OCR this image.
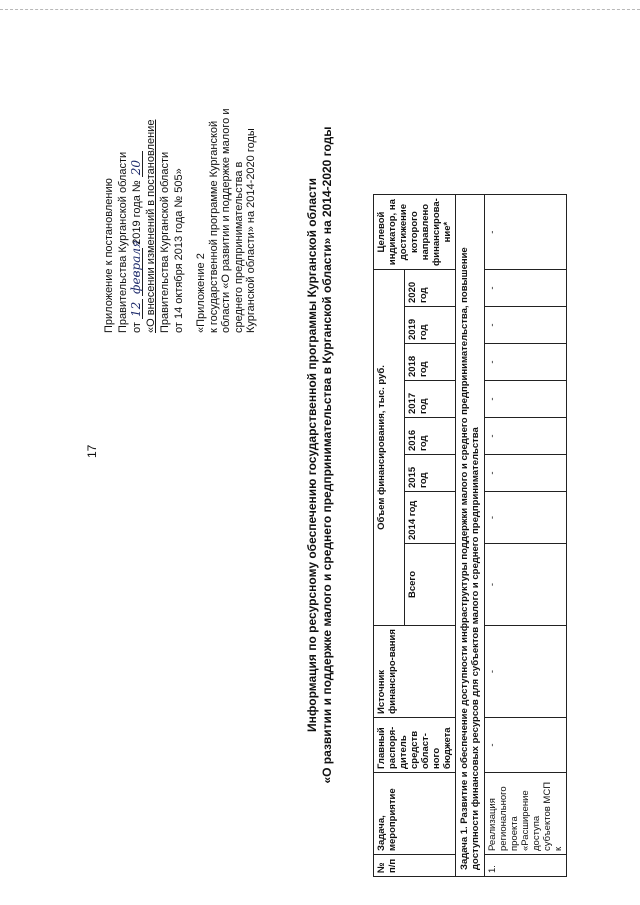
17
Приложение к постановлению Правительства Курганской области от 12 февраля 2019 года № 20 «О внесении изменений в постановление Правительства Курганской области от 14 октября 2013 года № 505» «Приложение 2 к государственной программе Курганской области «О развитии и поддержке малого и среднего предпринимательства в Курганской области» на 2014-2020 годы	Информация по ресурсному обеспечению государственной программы Курганской области «О развитии и поддержке малого и среднего предпринимательства в Курганской области» на 2014-2020 годы
№ п/п	Задача, мероприятие	Главный распоря-дитель средств област-ного бюджета	Источник финансиро-вания	Объем финансирования, тыс. руб.								Целевой индикатор, на достижение которого направлено финансирова-ние*
				Всего	2014 год	2015 год	2016 год	2017 год	2018 год	2019 год	2020 год	
Задача 1. Развитие и обеспечение доступности инфраструктуры поддержки малого и среднего предпринимательства, повышение доступности финансовых ресурсов для субъектов малого и среднего предпринимательства												
1.	Реализация регионального проекта «Расширение доступа субъектов МСП к	-	-	-	-	-	-	-	-	-	-	-
